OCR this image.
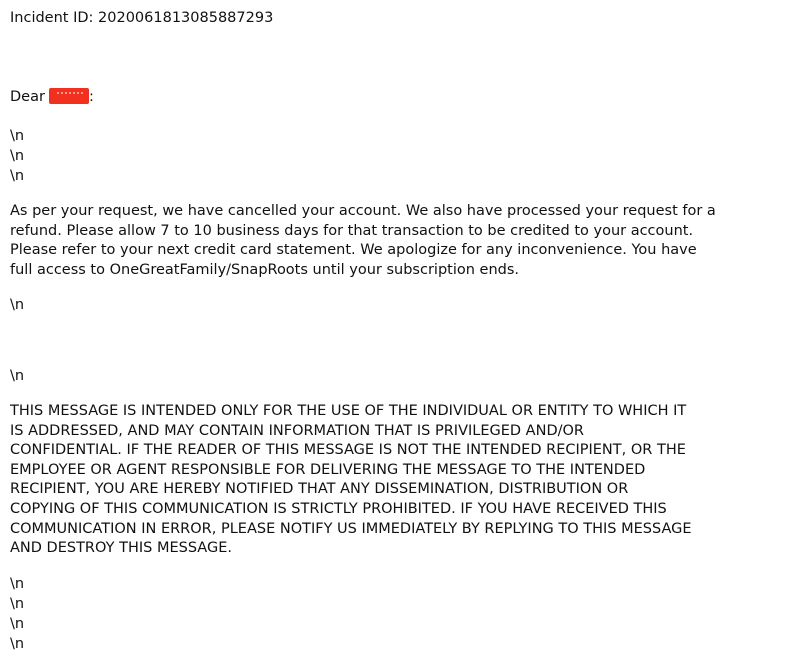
Incident ID: 2020061813085887293
Dear	:
\n
\n
\n
As per your request, we have cancelled your account. We also have processed your request for a
refund. Please allow 7 to 10 business days for that transaction to be credited to your account.
Please refer to your next credit card statement. We apologize for any inconvenience. You have
full access to OneGreatFamily/SnapRoots until your subscription ends.
\n
\n
THIS MESSAGE IS INTENDED ONLY FOR THE USE OF THE INDIVIDUAL OR ENTITY TO WHICH IT
IS ADDRESSED, AND MAY CONTAIN INFORMATION THAT IS PRIVILEGED AND/OR
CONFIDENTIAL. IF THE READER OF THIS MESSAGE IS NOT THE INTENDED RECIPIENT, OR THE
EMPLOYEE OR AGENT RESPONSIBLE FOR DELIVERING THE MESSAGE TO THE INTENDED
RECIPIENT, YOU ARE HEREBY NOTIFIED THAT ANY DISSEMINATION, DISTRIBUTION OR
COPYING OF THIS COMMUNICATION IS STRICTLY PROHIBITED. IF YOU HAVE RECEIVED THIS
COMMUNICATION IN ERROR, PLEASE NOTIFY US IMMEDIATELY BY REPLYING TO THIS MESSAGE
AND DESTROY THIS MESSAGE.
\n
\n
\n
\n
